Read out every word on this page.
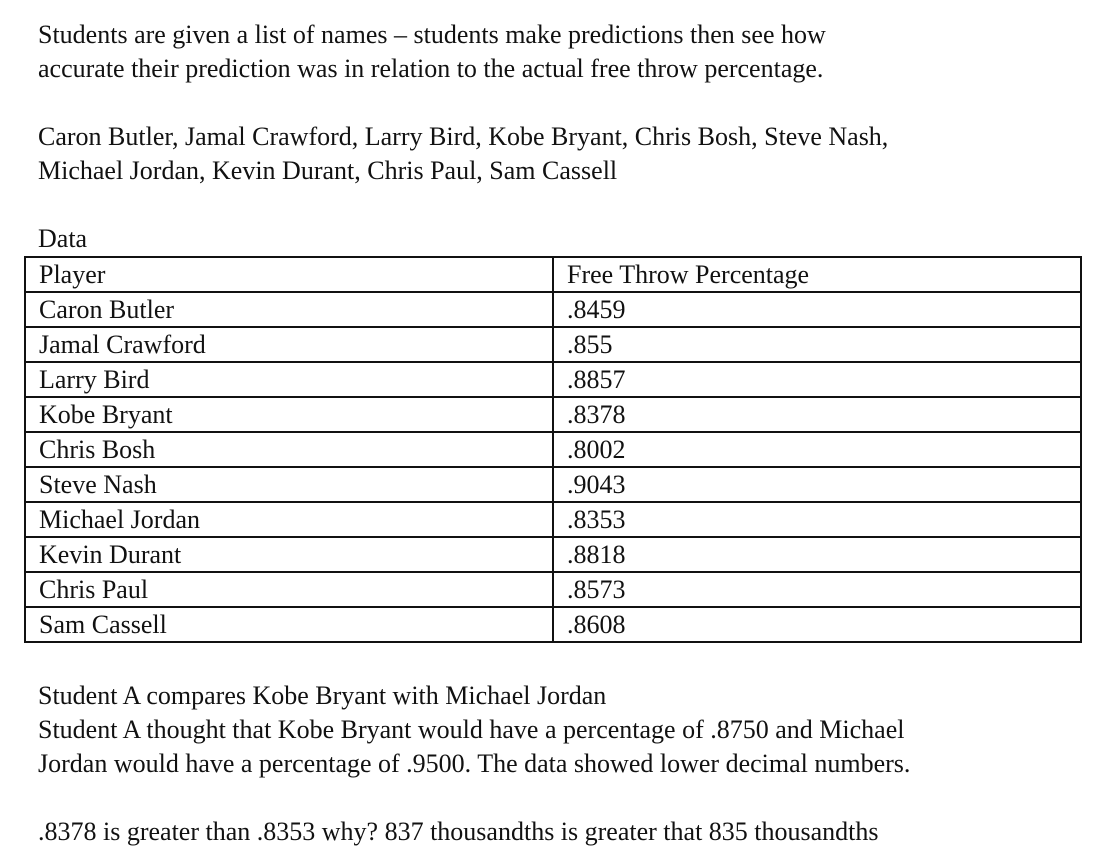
Students are given a list of names – students make predictions then see how
accurate their prediction was in relation to the actual free throw percentage.
Caron Butler, Jamal Crawford, Larry Bird, Kobe Bryant, Chris Bosh, Steve Nash,
Michael Jordan, Kevin Durant, Chris Paul, Sam Cassell
Data
Player	Free Throw Percentage
Caron Butler	.8459
Jamal Crawford	.855
Larry Bird	.8857
Kobe Bryant	.8378
Chris Bosh	.8002
Steve Nash	.9043
Michael Jordan	.8353
Kevin Durant	.8818
Chris Paul	.8573
Sam Cassell	.8608
Student A compares Kobe Bryant with Michael Jordan
Student A thought that Kobe Bryant would have a percentage of .8750 and Michael
Jordan would have a percentage of .9500. The data showed lower decimal numbers.
.8378 is greater than .8353 why? 837 thousandths is greater that 835 thousandths
